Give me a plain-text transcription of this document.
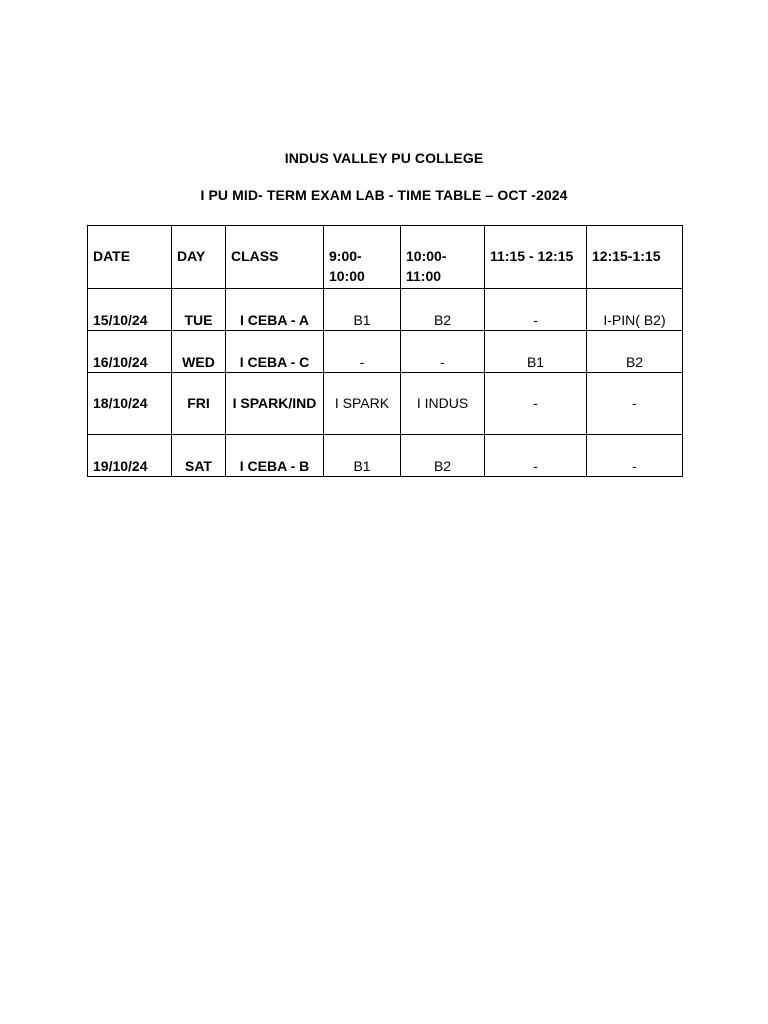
INDUS VALLEY PU COLLEGE
I PU MID- TERM EXAM LAB - TIME TABLE – OCT -2024
DATE	DAY	CLASS	9:00- 10:00	10:00- 11:00	11:15 - 12:15	12:15-1:15
15/10/24	TUE	I CEBA - A	B1	B2	-	I-PIN( B2)
16/10/24	WED	I CEBA - C	-	-	B1	B2
18/10/24	FRI	I SPARK/IND	I SPARK	I INDUS	-	-
19/10/24	SAT	I CEBA - B	B1	B2	-	-
